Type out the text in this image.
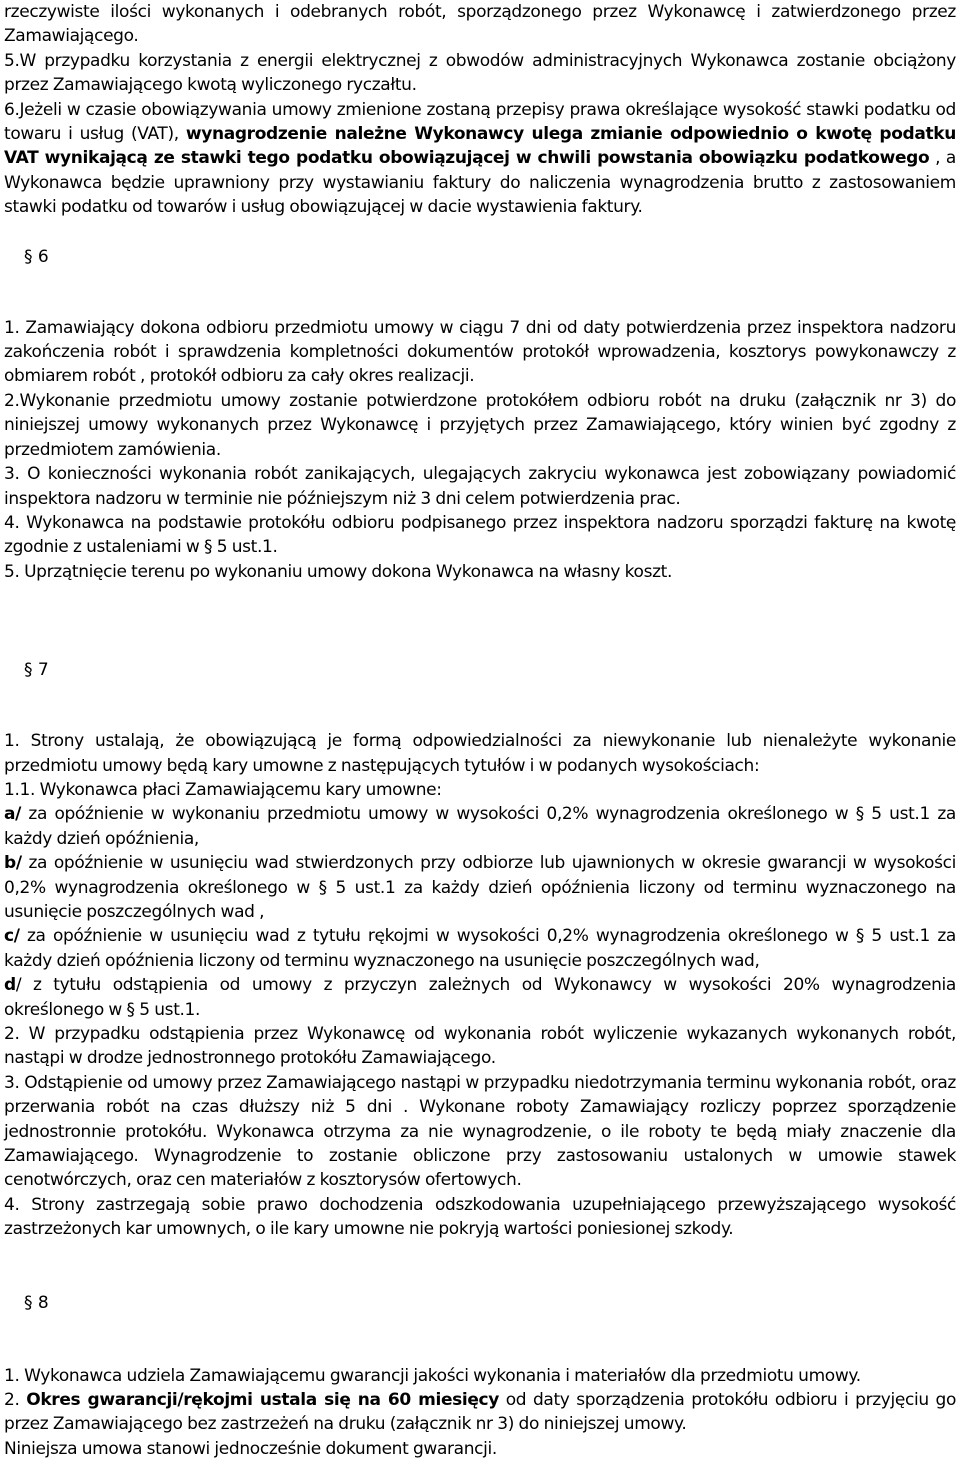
rzeczywiste ilości wykonanych i odebranych robót, sporządzonego przez Wykonawcę i zatwierdzonego przez Zamawiającego.

5.W przypadku korzystania z energii elektrycznej z obwodów administracyjnych Wykonawca zostanie obciążony przez Zamawiającego kwotą wyliczonego ryczałtu.

6.Jeżeli w czasie obowiązywania umowy zmienione zostaną przepisy prawa określające wysokość stawki podatku od towaru i usług (VAT), wynagrodzenie należne Wykonawcy ulega zmianie odpowiednio o kwotę podatku VAT wynikającą ze stawki tego podatku obowiązującej w chwili powstania obowiązku podatkowego , a Wykonawca będzie uprawniony przy wystawianiu faktury do naliczenia wynagrodzenia brutto z zastosowaniem stawki podatku od towarów i usług obowiązującej w dacie wystawienia faktury.

§ 6

1. Zamawiający dokona odbioru przedmiotu umowy w ciągu 7 dni od daty potwierdzenia przez inspektora nadzoru zakończenia robót i sprawdzenia kompletności dokumentów protokół wprowadzenia, kosztorys powykonawczy z obmiarem robót , protokół odbioru za cały okres realizacji.

2.Wykonanie przedmiotu umowy zostanie potwierdzone protokółem odbioru robót na druku (załącznik nr 3) do niniejszej umowy wykonanych przez Wykonawcę i przyjętych przez Zamawiającego, który winien być zgodny z przedmiotem zamówienia.

3. O konieczności wykonania robót zanikających, ulegających zakryciu wykonawca jest zobowiązany powiadomić inspektora nadzoru w terminie nie późniejszym niż 3 dni celem potwierdzenia prac.

4. Wykonawca na podstawie protokółu odbioru podpisanego przez inspektora nadzoru sporządzi fakturę na kwotę zgodnie z ustaleniami w § 5 ust.1.

5. Uprzątnięcie terenu po wykonaniu umowy dokona Wykonawca na własny koszt.

§ 7

1. Strony ustalają, że obowiązującą je formą odpowiedzialności za niewykonanie lub nienależyte wykonanie przedmiotu umowy będą kary umowne z następujących tytułów i w podanych wysokościach:

1.1. Wykonawca płaci Zamawiającemu kary umowne:

a/ za opóźnienie w wykonaniu przedmiotu umowy w wysokości 0,2% wynagrodzenia określonego w § 5 ust.1 za każdy dzień opóźnienia,

b/ za opóźnienie w usunięciu wad stwierdzonych przy odbiorze lub ujawnionych w okresie gwarancji w wysokości 0,2% wynagrodzenia określonego w § 5 ust.1 za każdy dzień opóźnienia liczony od terminu wyznaczonego na usunięcie poszczególnych wad ,

c/ za opóźnienie w usunięciu wad z tytułu rękojmi w wysokości 0,2% wynagrodzenia określonego w § 5 ust.1 za każdy dzień opóźnienia liczony od terminu wyznaczonego na usunięcie poszczególnych wad,

d/ z tytułu odstąpienia od umowy z przyczyn zależnych od Wykonawcy w wysokości 20% wynagrodzenia określonego w § 5 ust.1.

2. W przypadku odstąpienia przez Wykonawcę od wykonania robót wyliczenie wykazanych wykonanych robót, nastąpi w drodze jednostronnego protokółu Zamawiającego.

3. Odstąpienie od umowy przez Zamawiającego nastąpi w przypadku niedotrzymania terminu wykonania robót, oraz przerwania robót na czas dłuższy niż 5 dni . Wykonane roboty Zamawiający rozliczy poprzez sporządzenie jednostronnie protokółu. Wykonawca otrzyma za nie wynagrodzenie, o ile roboty te będą miały znaczenie dla Zamawiającego. Wynagrodzenie to zostanie obliczone przy zastosowaniu ustalonych w umowie stawek cenotwórczych, oraz cen materiałów z kosztorysów ofertowych.

4. Strony zastrzegają sobie prawo dochodzenia odszkodowania uzupełniającego przewyższającego wysokość zastrzeżonych kar umownych, o ile kary umowne nie pokryją wartości poniesionej szkody.

§ 8

1. Wykonawca udziela Zamawiającemu gwarancji jakości wykonania i materiałów dla przedmiotu umowy.

2. Okres gwarancji/rękojmi ustala się na 60 miesięcy od daty sporządzenia protokółu odbioru i przyjęciu go przez Zamawiającego bez zastrzeżeń na druku (załącznik nr 3) do niniejszej umowy.

Niniejsza umowa stanowi jednocześnie dokument gwarancji.
